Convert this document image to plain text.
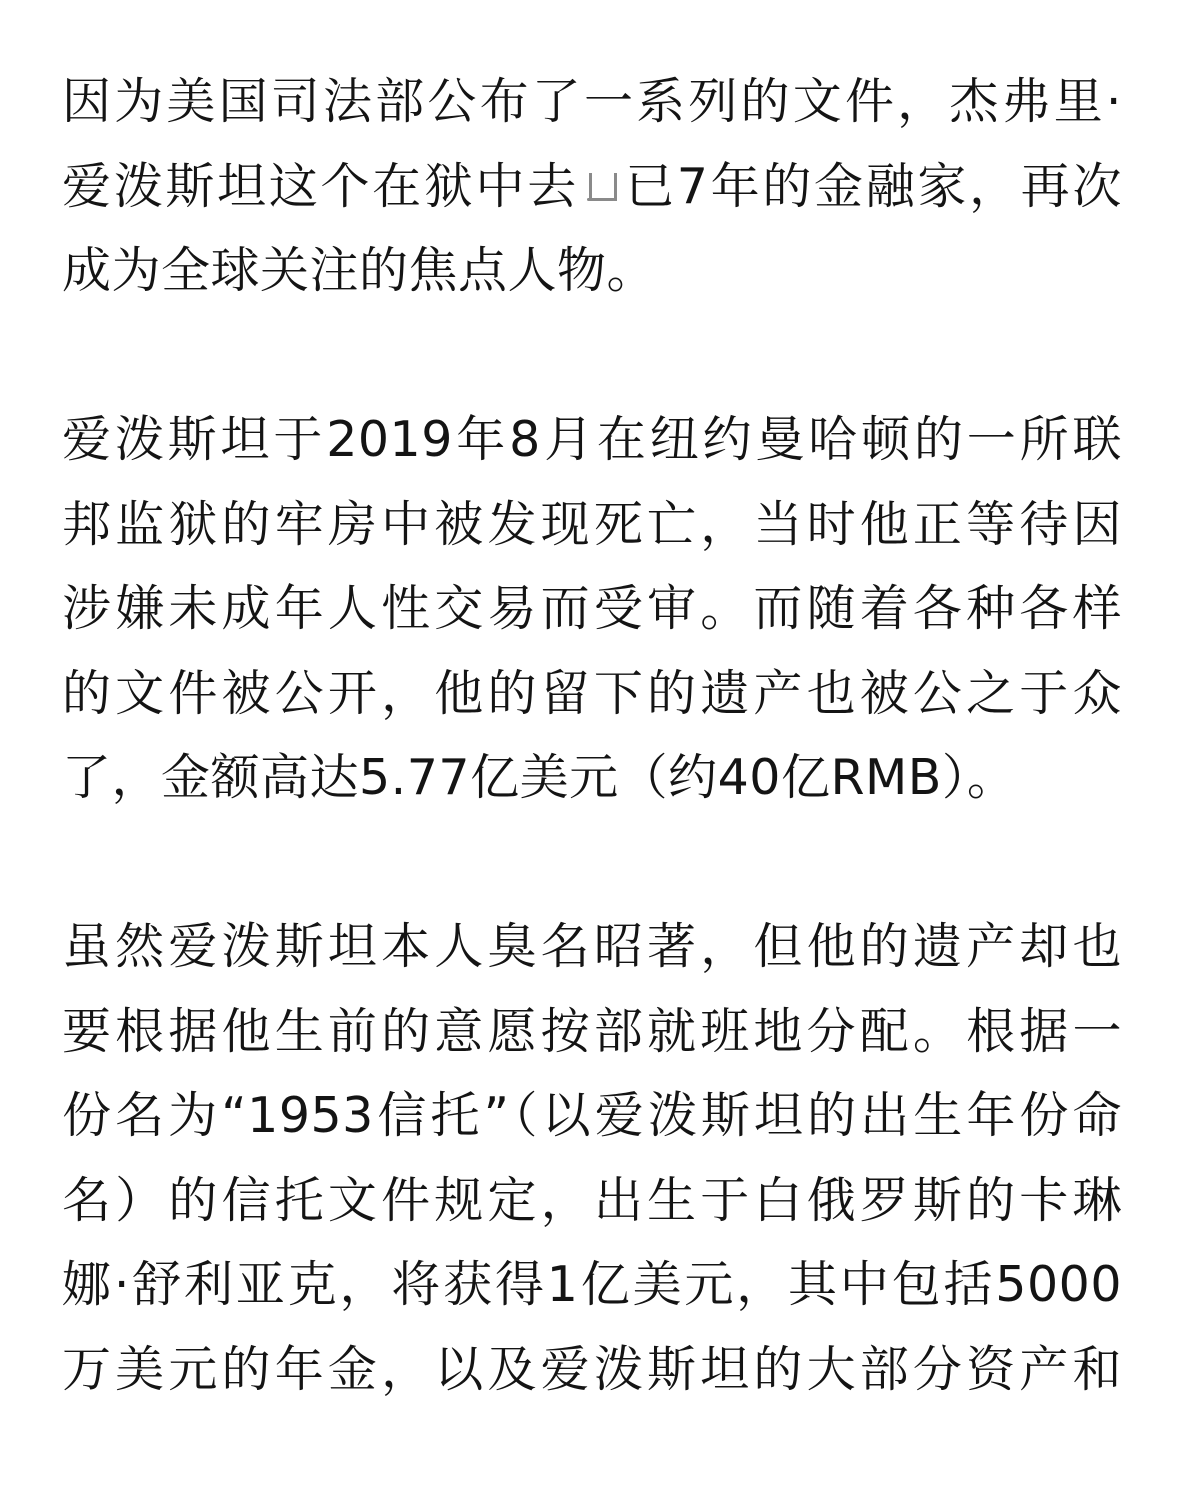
因为美国司法部公布了一系列的文件，杰弗里·
爱泼斯坦这个在狱中去 已7年的金融家，再次
成为全球关注的焦点人物。

爱泼斯坦于2019年8月在纽约曼哈顿的一所联
邦监狱的牢房中被发现死亡，当时他正等待因
涉嫌未成年人性交易而受审。而随着各种各样
的文件被公开，他的留下的遗产也被公之于众
了，金额高达5.77亿美元（约40亿RMB）。

虽然爱泼斯坦本人臭名昭著，但他的遗产却也
要根据他生前的意愿按部就班地分配。根据一
份名为“1953信托”（以爱泼斯坦的出生年份命
名）的信托文件规定，出生于白俄罗斯的卡琳
娜·舒利亚克，将获得1亿美元，其中包括5000
万美元的年金，以及爱泼斯坦的大部分资产和
